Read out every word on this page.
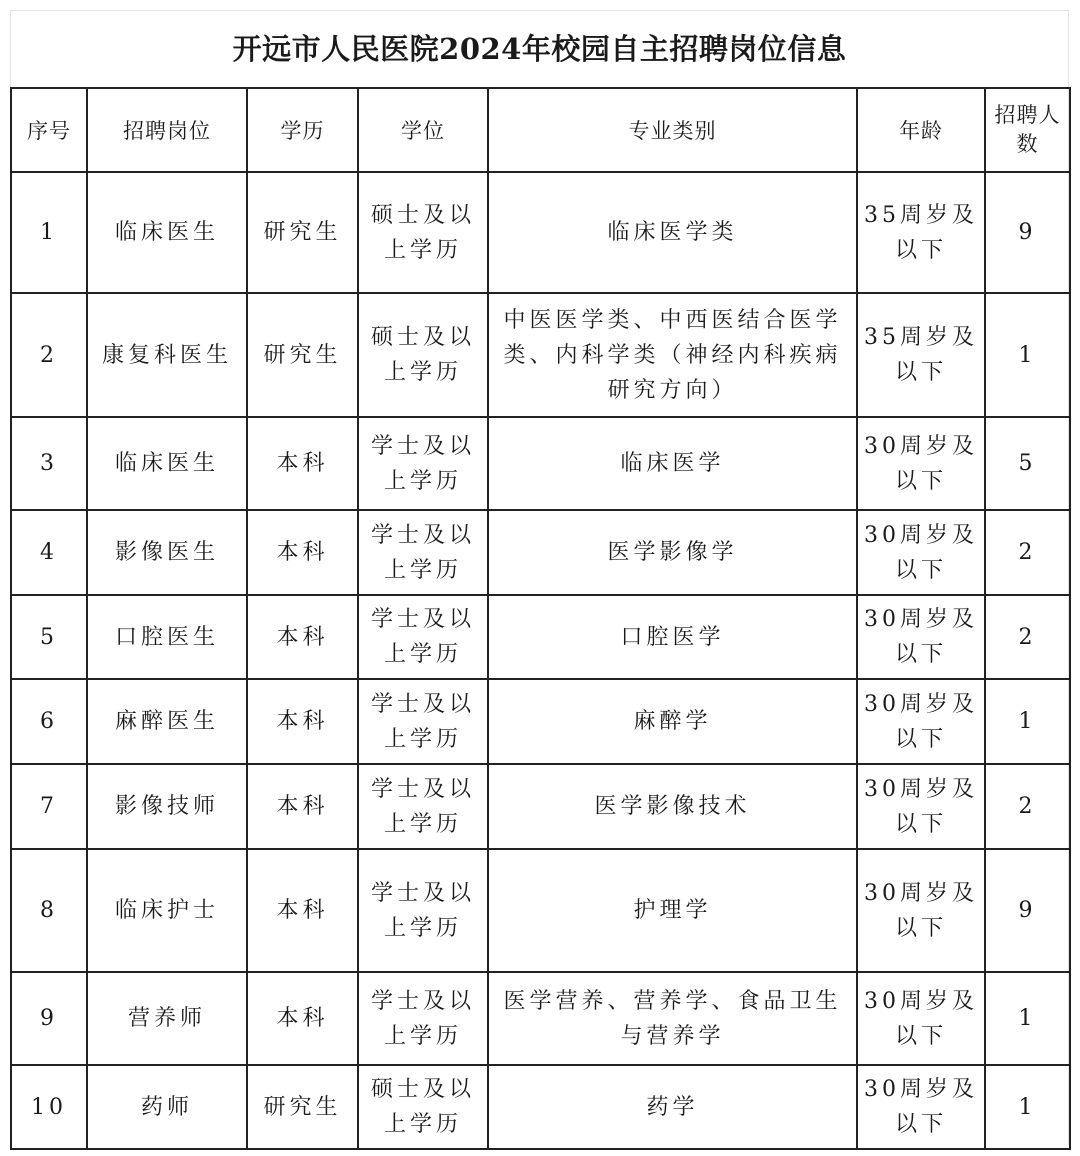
开远市人民医院2024年校园自主招聘岗位信息
序号	招聘岗位	学历	学位	专业类别	年龄	招聘人数
1	临床医生	研究生	硕士及以上学历	临床医学类	35周岁及以下	9
2	康复科医生	研究生	硕士及以上学历	中医医学类、中西医结合医学类、内科学类（神经内科疾病研究方向）	35周岁及以下	1
3	临床医生	本科	学士及以上学历	临床医学	30周岁及以下	5
4	影像医生	本科	学士及以上学历	医学影像学	30周岁及以下	2
5	口腔医生	本科	学士及以上学历	口腔医学	30周岁及以下	2
6	麻醉医生	本科	学士及以上学历	麻醉学	30周岁及以下	1
7	影像技师	本科	学士及以上学历	医学影像技术	30周岁及以下	2
8	临床护士	本科	学士及以上学历	护理学	30周岁及以下	9
9	营养师	本科	学士及以上学历	医学营养、营养学、食品卫生与营养学	30周岁及以下	1
10	药师	研究生	硕士及以上学历	药学	30周岁及以下	1
